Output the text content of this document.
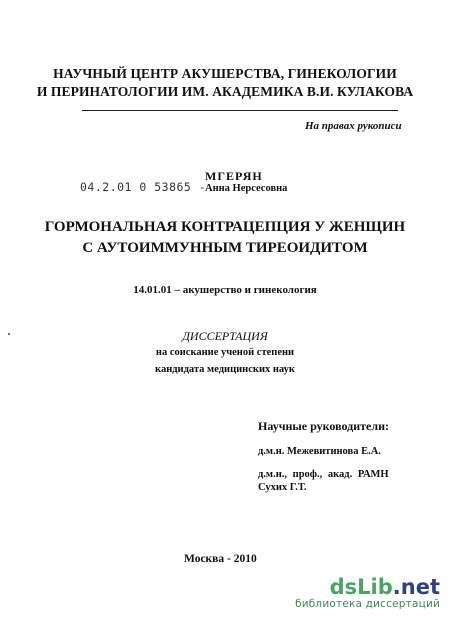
НАУЧНЫЙ ЦЕНТР АКУШЕРСТВА, ГИНЕКОЛОГИИ
И ПЕРИНАТОЛОГИИ ИМ. АКАДЕМИКА В.И. КУЛАКОВА
На правах рукописи
04.2.01 0 53865 -
МГЕРЯН
Анна Нерсесовна
ГОРМОНАЛЬНАЯ КОНТРАЦЕПЦИЯ У ЖЕНЩИН
С АУТОИММУННЫМ ТИРЕОИДИТОМ
14.01.01 – акушерство и гинекология
ДИССЕРТАЦИЯ
на соискание ученой степени
кандидата медицинских наук
Научные руководители:
д.м.н. Межевитинова Е.А.
д.м.н., проф., акад. РАМН
Сухих Г.Т.
Москва - 2010
dsLib.net
библиотека диссертаций
